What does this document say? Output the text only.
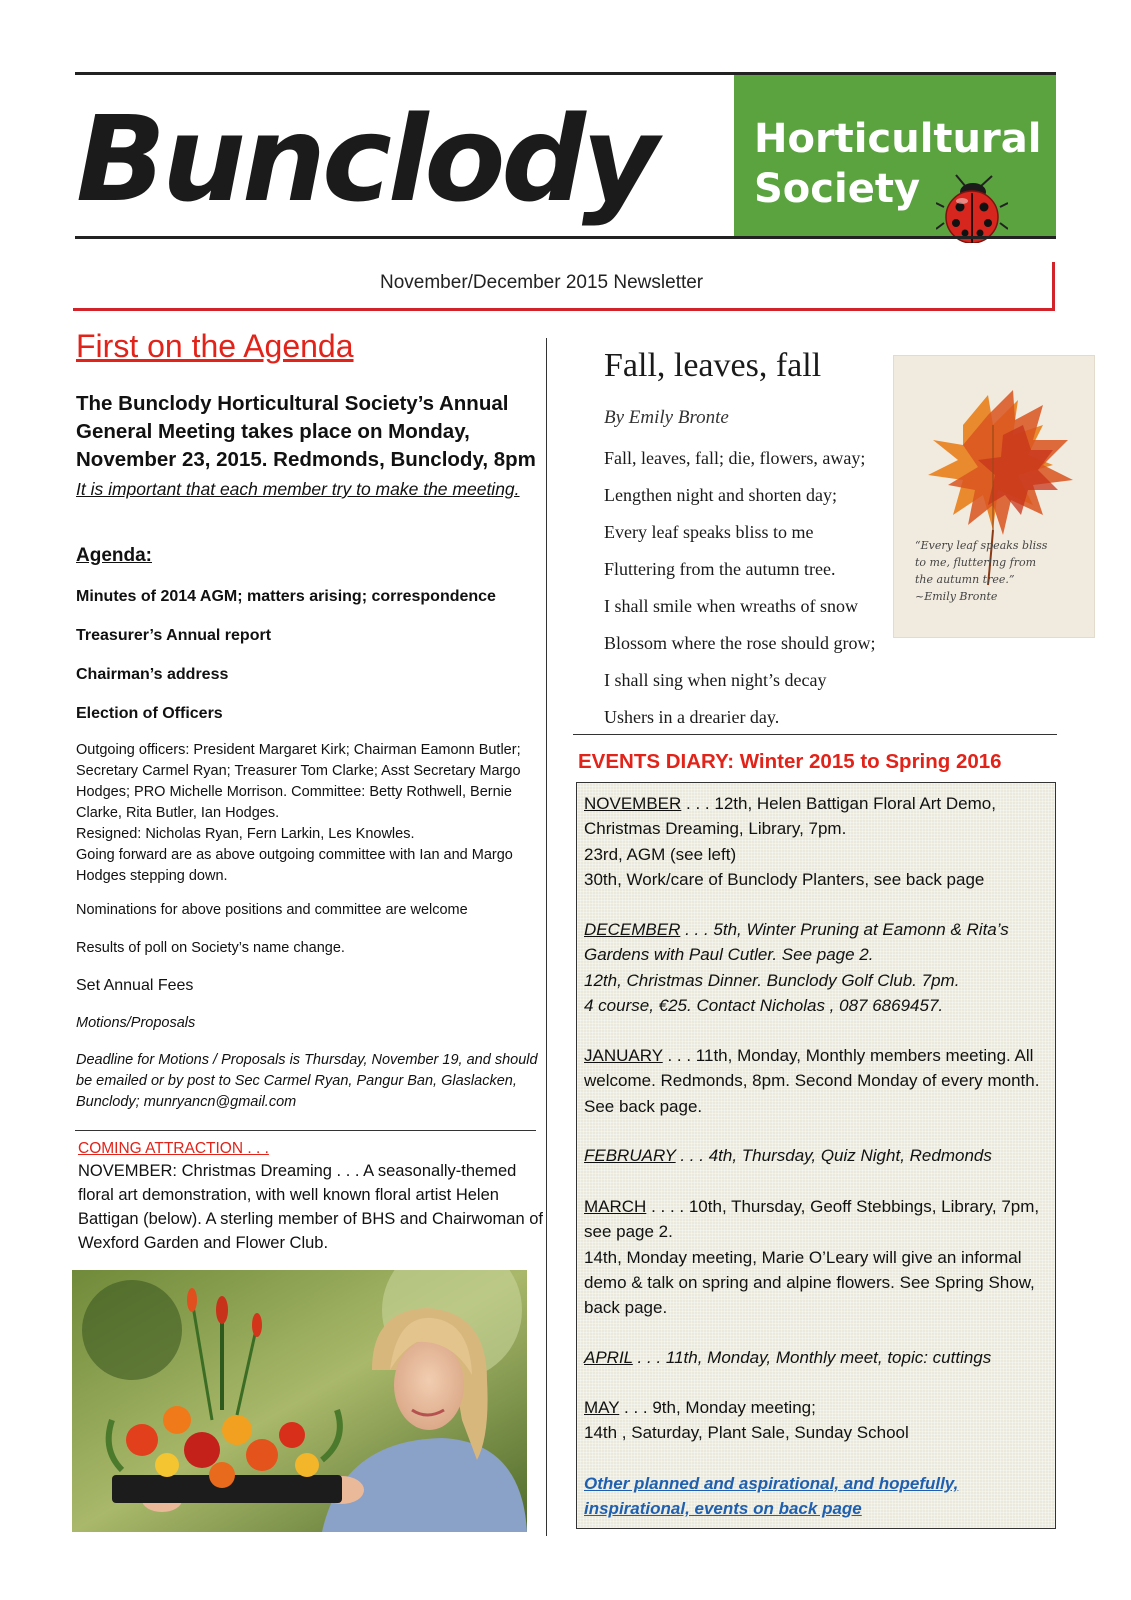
Bunclody Horticultural
Society
November/December 2015 Newsletter
First on the Agenda
The Bunclody Horticultural Society’s Annual General Meeting takes place on Monday, November 23, 2015. Redmonds, Bunclody, 8pm
It is important that each member try to make the meeting.
Agenda:
Minutes of 2014 AGM; matters arising; correspondence
Treasurer’s Annual report
Chairman’s address
Election of Officers
Outgoing officers: President Margaret Kirk; Chairman Eamonn Butler; Secretary Carmel Ryan; Treasurer Tom Clarke; Asst Secretary Margo Hodges; PRO Michelle Morrison. Committee: Betty Rothwell, Bernie Clarke, Rita Butler, Ian Hodges.
Resigned: Nicholas Ryan, Fern Larkin, Les Knowles.
Going forward are as above outgoing committee with Ian and Margo Hodges stepping down.
Nominations for above positions and committee are welcome
Results of poll on Society’s name change.
Set Annual Fees
Motions/Proposals
Deadline for Motions / Proposals is Thursday, November 19, and should be emailed or by post to Sec Carmel Ryan, Pangur Ban, Glaslacken, Bunclody; munryancn@gmail.com
COMING ATTRACTION . . .
NOVEMBER: Christmas Dreaming . . . A seasonally-themed floral art demonstration, with well known floral artist Helen Battigan (below). A sterling member of BHS and Chairwoman of Wexford Garden and Flower Club.
Fall, leaves, fall
By Emily Bronte
Fall, leaves, fall; die, flowers, away;
Lengthen night and shorten day;
Every leaf speaks bliss to me
Fluttering from the autumn tree.
I shall smile when wreaths of snow
Blossom where the rose should grow;
I shall sing when night’s decay
Ushers in a drearier day.
“Every leaf speaks bliss
to me, fluttering from
the autumn tree.”
~Emily Bronte
EVENTS DIARY: Winter 2015 to Spring 2016
NOVEMBER . . . 12th, Helen Battigan Floral Art Demo, Christmas Dreaming, Library, 7pm.
23rd, AGM (see left)
30th, Work/care of Bunclody Planters, see back page
DECEMBER . . . 5th, Winter Pruning at Eamonn & Rita’s Gardens with Paul Cutler. See page 2.
12th, Christmas Dinner. Bunclody Golf Club. 7pm.
4 course, €25. Contact Nicholas , 087 6869457.
JANUARY . . . 11th, Monday, Monthly members meeting. All welcome. Redmonds, 8pm. Second Monday of every month. See back page.
FEBRUARY . . . 4th, Thursday, Quiz Night, Redmonds
MARCH . . . . 10th, Thursday, Geoff Stebbings, Library, 7pm, see page 2.
14th, Monday meeting, Marie O’Leary will give an informal demo & talk on spring and alpine flowers. See Spring Show, back page.
APRIL . . . 11th, Monday, Monthly meet, topic: cuttings
MAY . . . 9th, Monday meeting;
14th , Saturday, Plant Sale, Sunday School
Other planned and aspirational, and hopefully, inspirational, events on back page
